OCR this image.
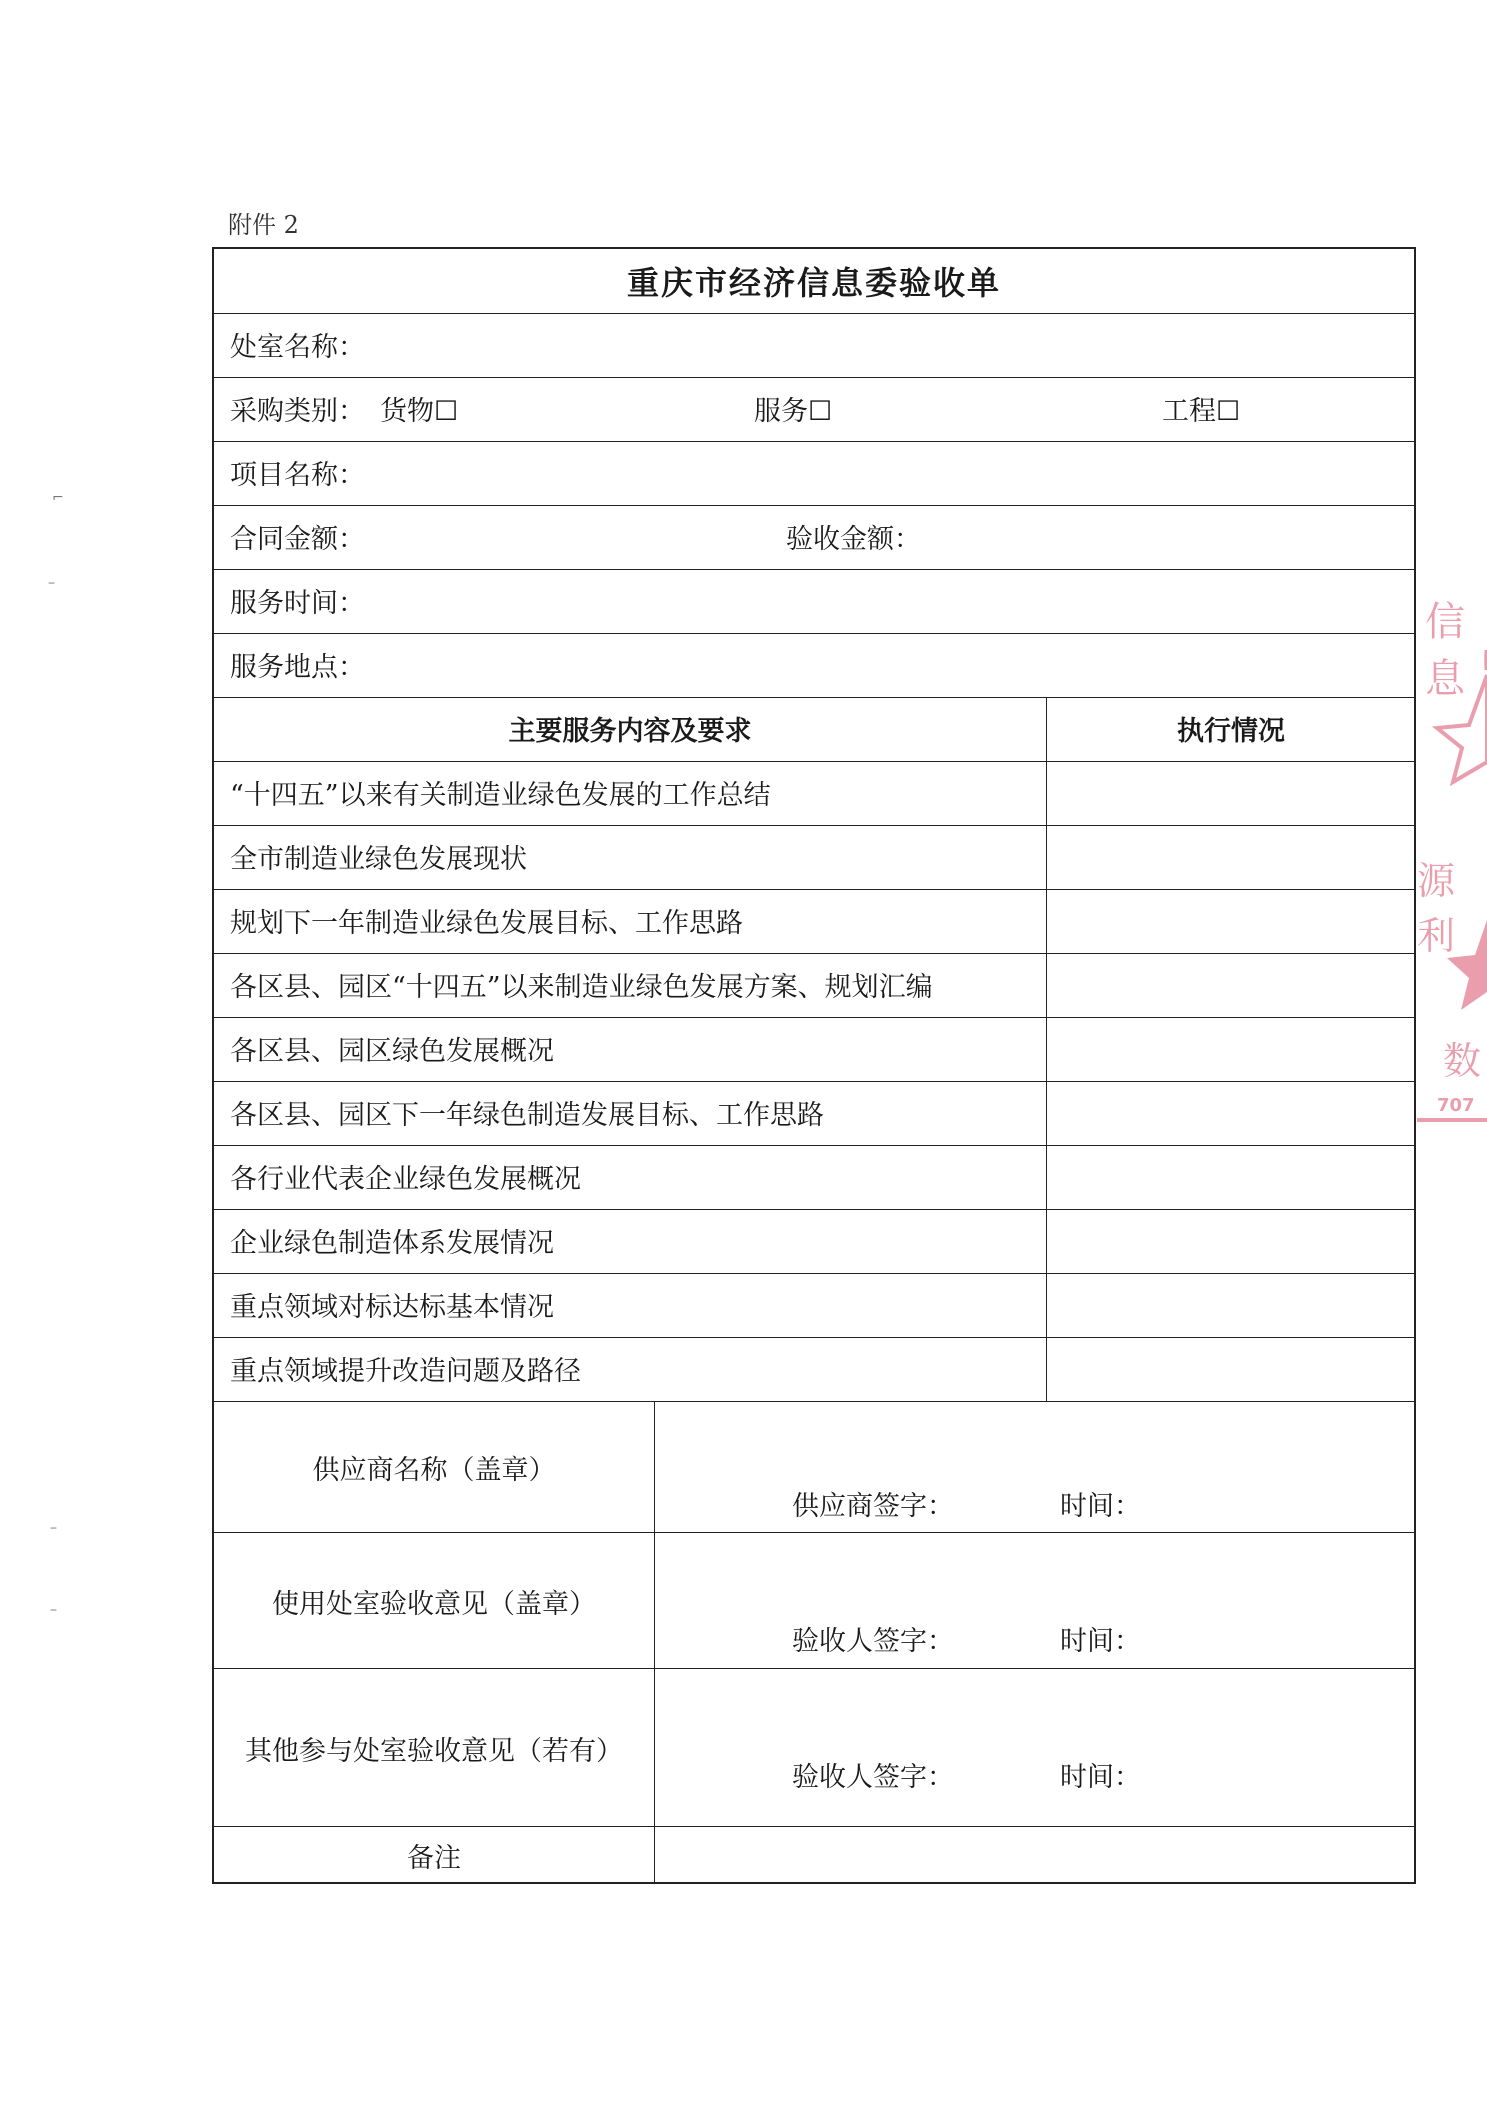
附件 2
重庆市经济信息委验收单
处室名称：
采购类别： 货物☐	服务☐	工程☐
项目名称：
合同金额：	验收金额：
服务时间：
服务地点：
主要服务内容及要求	执行情况
“十四五”以来有关制造业绿色发展的工作总结
全市制造业绿色发展现状
规划下一年制造业绿色发展目标、工作思路
各区县、园区“十四五”以来制造业绿色发展方案、规划汇编
各区县、园区绿色发展概况
各区县、园区下一年绿色制造发展目标、工作思路
各行业代表企业绿色发展概况
企业绿色制造体系发展情况
重点领域对标达标基本情况
重点领域提升改造问题及路径
供应商名称（盖章）
供应商签字：	时间：
使用处室验收意见（盖章）
验收人签字：	时间：
其他参与处室验收意见（若有）
验收人签字：	时间：
备注
信息
源利
数
707
⌐
–
–
–
